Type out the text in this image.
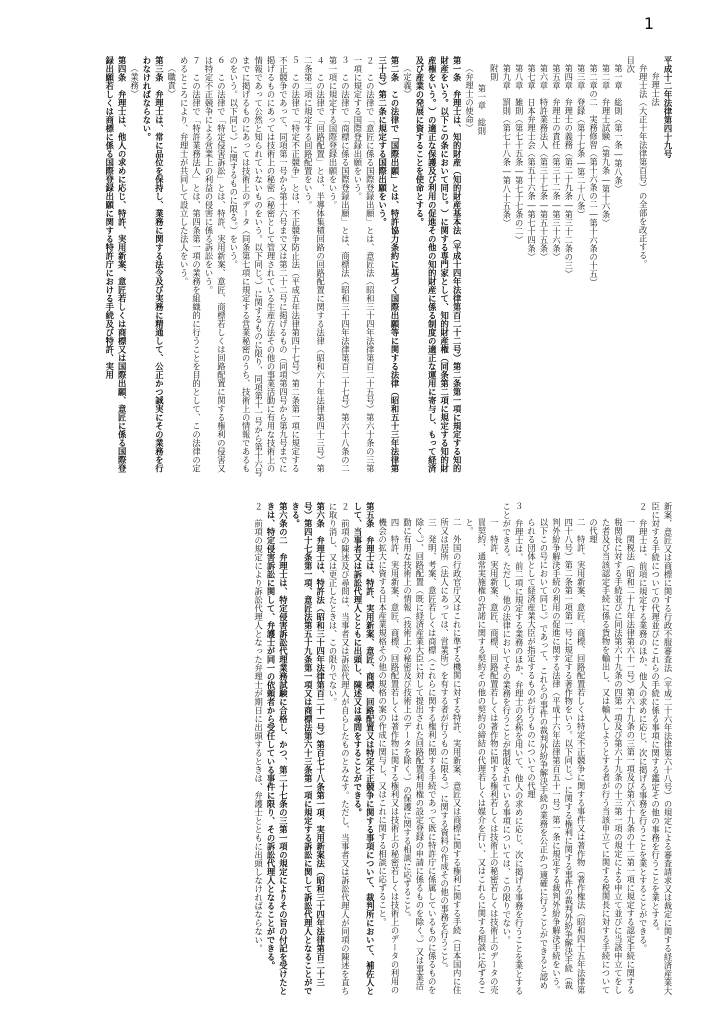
1

平成十二年法律第四十九号

弁理士法

弁理士法（大正十年法律第百号）の全部を改正する。

目次

第一章　総則（第一条―第八条）

第二章　弁理士試験（第九条―第十六条）

第二章の二　実務修習（第十六条の二―第十六条の十五）

第三章　登録（第十七条―第二十八条）

第四章　弁理士の義務（第二十九条―第三十二条の三）

第五章　弁理士の責任（第三十二条―第三十六条）

第六章　特許業務法人（第三十七条―第五十五条）

第七章　日本弁理士会（第五十六条―第七十四条）

第八章　雑則（第七十五条―第七十七条の二）

第九章　罰則（第七十八条―第八十五条）

附則

第一章　総則

（弁理士の使命）

第一条　弁理士は、知的財産（知的財産基本法（平成十四年法律第百二十二号）第二条第一項に規定する知的財産をいう。以下この条において同じ。）に関する専門家として、知的財産権（同条第二項に規定する知的財産権をいう。）の適正な保護及び利用の促進その他の知的財産に係る制度の適正な運用に寄与し、もって経済及び産業の発展に資することを使命とする。

（定義）

第二条　この法律で「国際出願」とは、特許協力条約に基づく国際出願等に関する法律（昭和五十三年法律第三十号）第二条に規定する国際出願をいう。

２　この法律で「意匠に係る国際登録出願」とは、意匠法（昭和三十四年法律第百二十五号）第六十条の三第一項に規定する国際登録出願をいう。

３　この法律で「商標に係る国際登録出願」とは、商標法（昭和三十四年法律第百二十七号）第六十八条の二第一項に規定する国際登録出願をいう。

４　この法律で「回路配置」とは、半導体集積回路の回路配置に関する法律（昭和六十年法律第四十三号）第二条第二項に規定する回路配置をいう。

５　この法律で「特定不正競争」とは、不正競争防止法（平成五年法律第四十七号）第二条第一項に規定する不正競争であって、同項第一号から第十六号まで又は第二十二号に掲げるもの（同項第四号から第九号までに掲げるものにあっては技術上の秘密（秘密として管理されている生産方法その他の事業活動に有用な技術上の情報であって公然と知られていないものをいう。以下同じ。）に関するものに限り、同項第十一号から第十六号までに掲げるものにあっては技術上のデータ（同条第七項に規定する営業秘密のうち、技術上の情報であるものをいう。以下同じ。）に関するものに限る。）をいう。

６　この法律で「特定侵害訴訟」とは、特許、実用新案、意匠、商標若しくは回路配置に関する権利の侵害又は特定不正競争による営業上の利益の侵害に係る訴訟をいう。

７　この法律で「特許業務法人」とは、第四条第一項の業務を組織的に行うことを目的として、この法律の定めるところにより、弁理士が共同して設立した法人をいう。

（職責）

第三条　弁理士は、常に品位を保持し、業務に関する法令及び実務に精通して、公正かつ誠実にその業務を行わなければならない。

（業務）

第四条　弁理士は、他人の求めに応じ、特許、実用新案、意匠若しくは商標又は国際出願、意匠に係る国際登録出願若しくは商標に係る国際登録出願に関する特許庁における手続及び特許、実用

新案、意匠又は商標に関する行政不服審査法（平成二十六年法律第六十八号）の規定による審査請求又は裁定に関する経済産業大臣に対する手続についての代理並びにこれらの手続に係る事項に関する鑑定その他の事務を行うことを業とする。

２　弁理士は、前項に規定する業務のほか、他人の求めに応じ、次に掲げる事務を行うことを業とすることができる。

一　関税法（昭和二十九年法律第六十一号）第六十九条の三第一項及び第六十九条の十二第一項に規定する認定手続に関する税関長に対する手続並びに同法第六十九条の四第一項及び第六十九条の十三第一項の規定による申立て並びに当該申立てをした者及び当該認定手続に係る貨物を輸出し、又は輸入しようとする者が行う当該申立てに関する税関長に対する手続についての代理

二　特許、実用新案、意匠、商標、回路配置若しくは特定不正競争に関する事件又は著作物（著作権法（昭和四十五年法律第四十八号）第二条第一項第一号に規定する著作物をいう。以下同じ。）に関する権利に関する事件の裁判外紛争解決手続（裁判外紛争解決手続の利用の促進に関する法律（平成十六年法律第百五十一号）第一条に規定する裁判外紛争解決手続をいう。以下この号において同じ。）であって、これらの事件の裁判外紛争解決手続の業務を公正かつ適確に行うことができると認められる団体として経済産業大臣が指定するものが行うものについての代理

３　弁理士は、前二項に規定する業務のほか、弁理士の名称を用いて、他人の求めに応じ、次に掲げる事務を行うことを業とすることができる。ただし、他の法律においてその業務を行うことが制限されている事項については、この限りでない。

一　特許、実用新案、意匠、商標、回路配置若しくは著作物に関する権利若しくは技術上の秘密若しくは技術上のデータの売買契約、通常実施権の許諾に関する契約その他の契約の締結の代理若しくは媒介を行い、又はこれらに関する相談に応ずること。

二　外国の行政官庁又はこれに準ずる機関に対する特許、実用新案、意匠又は商標に関する権利に関する手続（日本国内に住所又は居所（法人にあっては、営業所）を有する者が行うものに限る。）に関する資料の作成その他の事務を行うこと。

三　発明、考案、意匠若しくは商標（これらに関する権利に関する手続であって既に特許庁に係属しているものに係るものを除く。）、回路配置（既に経済産業大臣に対して提出された回路配置利用権の設定登録の申請に係るものを除く。）又は事業活動に有用な技術上の情報（技術上の秘密及び技術上のデータを除く。）の保護に関する相談に応ずること。

四　特許、実用新案、意匠、商標、回路配置若しくは著作物に関する権利又は技術上の秘密若しくは技術上のデータの利用の機会の拡大に資する日本産業規格その他の規格の案の作成に関与し、又はこれに関する相談に応ずること。

第五条　弁理士は、特許、実用新案、意匠、商標、回路配置又は特定不正競争に関する事項について、裁判所において、補佐人として、当事者又は訴訟代理人とともに出頭し、陳述又は尋問をすることができる。

２　前項の陳述及び尋問は、当事者又は訴訟代理人が自らしたものとみなす。ただし、当事者又は訴訟代理人が同項の陳述を直ちに取り消し、又は更正したときは、この限りでない。

第六条　弁理士は、特許法（昭和三十四年法律第百二十一号）第百七十八条第一項、実用新案法（昭和三十四年法律第百二十三号）第四十七条第一項、意匠法第五十九条第一項又は商標法第六十三条第一項に規定する訴訟に関して訴訟代理人となることができる。

第六条の二　弁理士は、特定侵害訴訟代理業務試験に合格し、かつ、第二十七条の三第一項の規定によりその旨の付記を受けたときは、特定侵害訴訟に関して、弁護士が同一の依頼者から受任している事件に限り、その訴訟代理人となることができる。

２　前項の規定により訴訟代理人となった弁理士が期日に出頭するときは、弁護士とともに出頭しなければならない。
